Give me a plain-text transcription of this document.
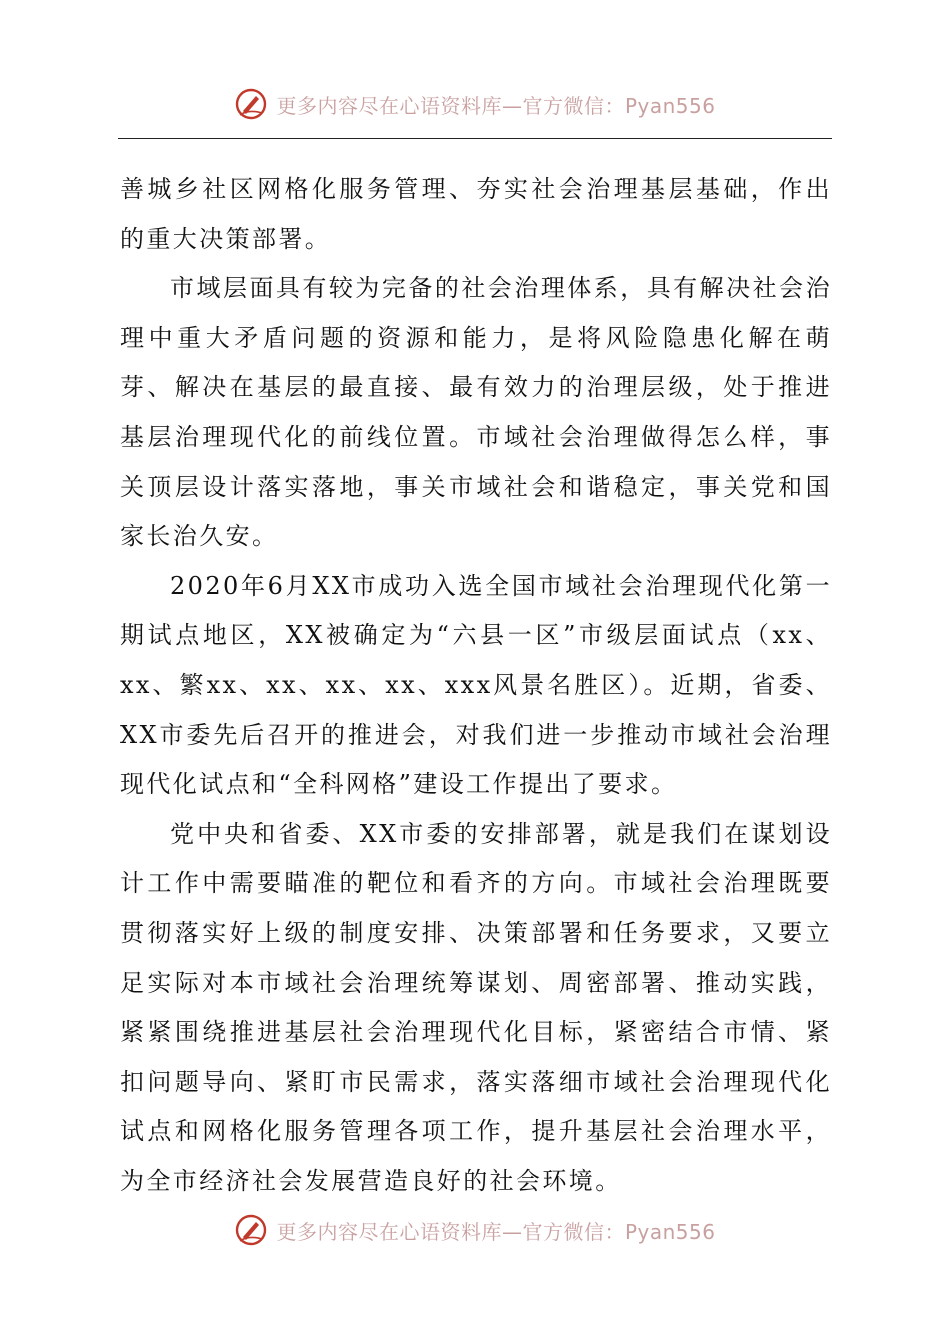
更多内容尽在心语资料库—官方微信：Pyan556

善城乡社区网格化服务管理、夯实社会治理基层基础，作出的重大决策部署。

市域层面具有较为完备的社会治理体系，具有解决社会治理中重大矛盾问题的资源和能力，是将风险隐患化解在萌芽、解决在基层的最直接、最有效力的治理层级，处于推进基层治理现代化的前线位置。市域社会治理做得怎么样，事关顶层设计落实落地，事关市域社会和谐稳定，事关党和国家长治久安。

2020年6月XX市成功入选全国市域社会治理现代化第一期试点地区，XX被确定为“六县一区”市级层面试点（xx、xx、繁xx、xx、xx、xx、xxx风景名胜区）。近期，省委、XX市委先后召开的推进会，对我们进一步推动市域社会治理现代化试点和“全科网格”建设工作提出了要求。

党中央和省委、XX市委的安排部署，就是我们在谋划设计工作中需要瞄准的靶位和看齐的方向。市域社会治理既要贯彻落实好上级的制度安排、决策部署和任务要求，又要立足实际对本市域社会治理统筹谋划、周密部署、推动实践，紧紧围绕推进基层社会治理现代化目标，紧密结合市情、紧扣问题导向、紧盯市民需求，落实落细市域社会治理现代化试点和网格化服务管理各项工作，提升基层社会治理水平，为全市经济社会发展营造良好的社会环境。

更多内容尽在心语资料库—官方微信：Pyan556
